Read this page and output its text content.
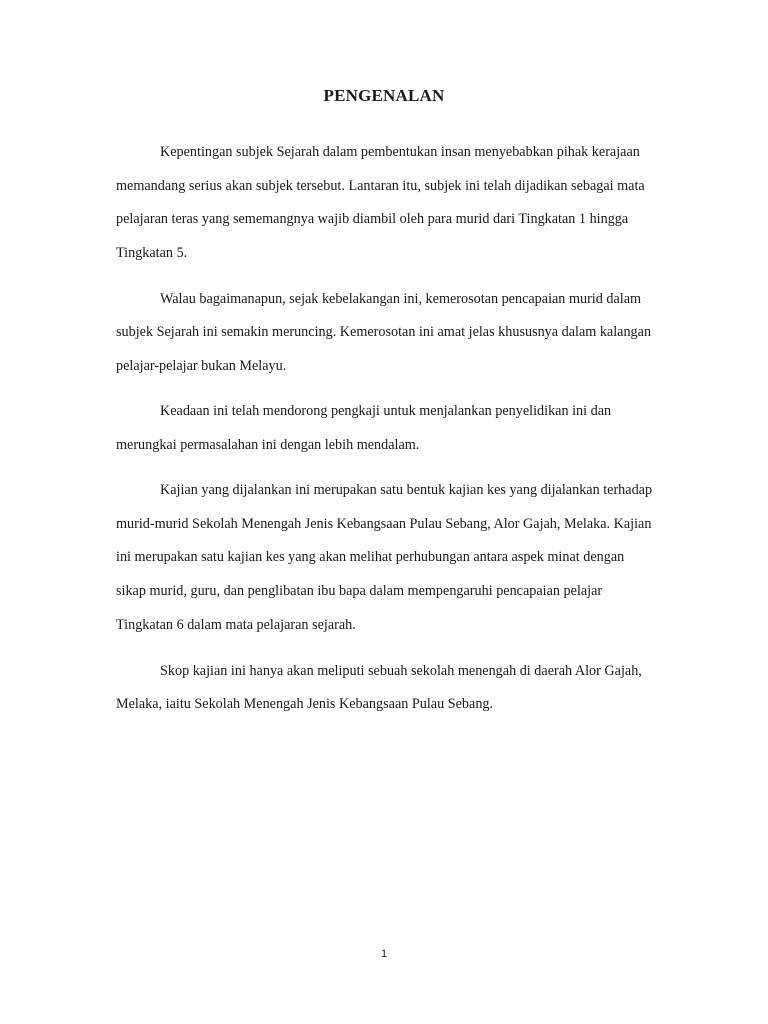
PENGENALAN

Kepentingan subjek Sejarah dalam pembentukan insan menyebabkan pihak kerajaan

memandang serius akan subjek tersebut. Lantaran itu, subjek ini telah dijadikan sebagai mata

pelajaran teras yang sememangnya wajib diambil oleh para murid dari Tingkatan 1 hingga

Tingkatan 5.

Walau bagaimanapun, sejak kebelakangan ini, kemerosotan pencapaian murid dalam

subjek Sejarah ini semakin meruncing. Kemerosotan ini amat jelas khususnya dalam kalangan

pelajar-pelajar bukan Melayu.

Keadaan ini telah mendorong pengkaji untuk menjalankan penyelidikan ini dan

merungkai permasalahan ini dengan lebih mendalam.

Kajian yang dijalankan ini merupakan satu bentuk kajian kes yang dijalankan terhadap

murid-murid Sekolah Menengah Jenis Kebangsaan Pulau Sebang, Alor Gajah, Melaka. Kajian

ini merupakan satu kajian kes yang akan melihat perhubungan antara aspek minat dengan

sikap murid, guru, dan penglibatan ibu bapa dalam mempengaruhi pencapaian pelajar

Tingkatan 6 dalam mata pelajaran sejarah.

Skop kajian ini hanya akan meliputi sebuah sekolah menengah di daerah Alor Gajah,

Melaka, iaitu Sekolah Menengah Jenis Kebangsaan Pulau Sebang.

1
